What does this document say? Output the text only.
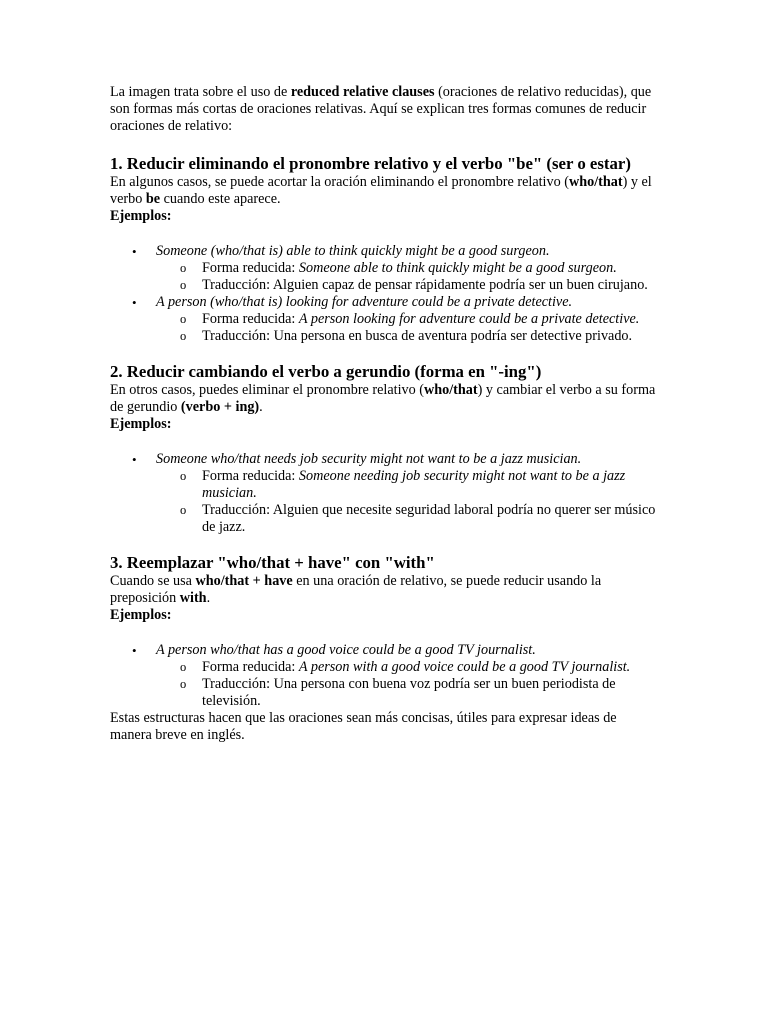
La imagen trata sobre el uso de reduced relative clauses (oraciones de relativo reducidas), que son formas más cortas de oraciones relativas. Aquí se explican tres formas comunes de reducir oraciones de relativo:

1. Reducir eliminando el pronombre relativo y el verbo "be" (ser o estar)

En algunos casos, se puede acortar la oración eliminando el pronombre relativo (who/that) y el verbo be cuando este aparece.

Ejemplos:

• Someone (who/that is) able to think quickly might be a good surgeon.
o Forma reducida: Someone able to think quickly might be a good surgeon.
o Traducción: Alguien capaz de pensar rápidamente podría ser un buen cirujano.
• A person (who/that is) looking for adventure could be a private detective.
o Forma reducida: A person looking for adventure could be a private detective.
o Traducción: Una persona en busca de aventura podría ser detective privado.
2. Reducir cambiando el verbo a gerundio (forma en "-ing")

En otros casos, puedes eliminar el pronombre relativo (who/that) y cambiar el verbo a su forma de gerundio (verbo + ing).

Ejemplos:

• Someone who/that needs job security might not want to be a jazz musician.
o Forma reducida: Someone needing job security might not want to be a jazz musician.
o Traducción: Alguien que necesite seguridad laboral podría no querer ser músico de jazz.
3. Reemplazar "who/that + have" con "with"

Cuando se usa who/that + have en una oración de relativo, se puede reducir usando la preposición with.

Ejemplos:

• A person who/that has a good voice could be a good TV journalist.
o Forma reducida: A person with a good voice could be a good TV journalist.
o Traducción: Una persona con buena voz podría ser un buen periodista de televisión.

Estas estructuras hacen que las oraciones sean más concisas, útiles para expresar ideas de manera breve en inglés.
